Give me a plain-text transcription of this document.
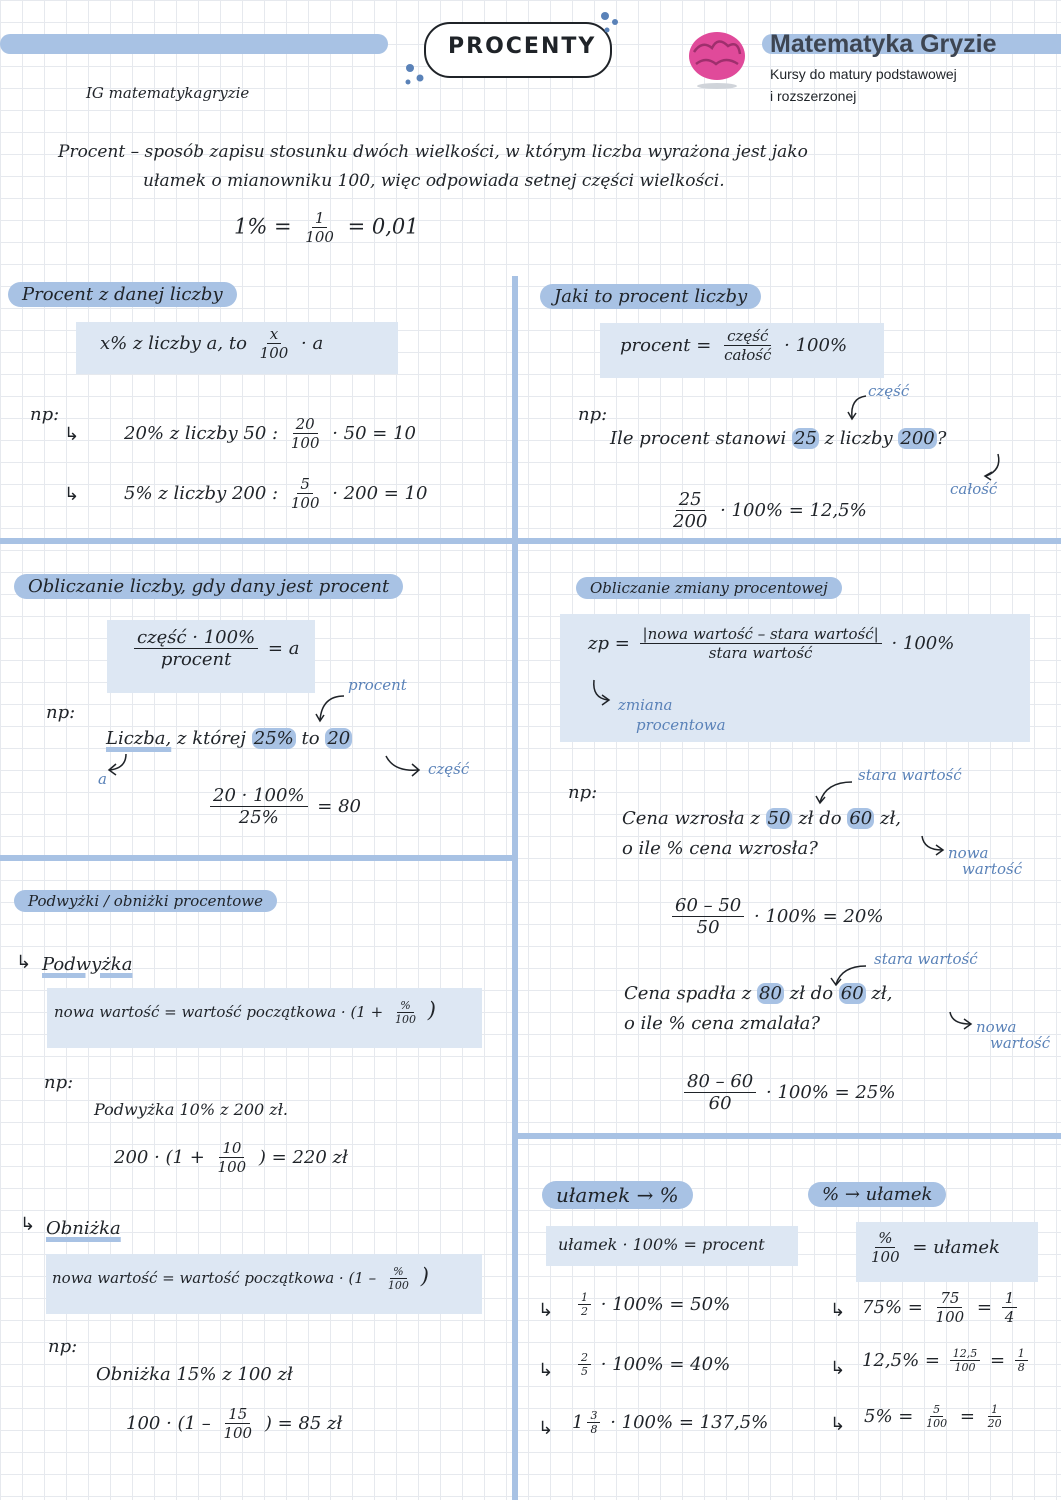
PROCENTY
IG matematykagryzie
Matematyka Gryzie
Kursy do matury podstawowej
i rozszerzonej
Procent – sposób zapisu stosunku dwóch wielkości, w którym liczba wyrażona jest jako
ułamek o mianowniku 100, więc odpowiada setnej części wielkości.
$1\% = \frac{1}{100} = 0,01$
Procent z danej liczby
x% z liczby a, to $\frac{x}{100} \cdot a$
np:
↳ 20% z liczby 50 : $\frac{20}{100} \cdot 50 = 10$
↳ 5% z liczby 200 : $\frac{5}{100} \cdot 200 = 10$
Jaki to procent liczby
procent = $\frac{\text{część}}{\text{całość}} \cdot 100\%$
część
np:
Ile procent stanowi 25 z liczby 200 ?
całość
$\frac{25}{200} \cdot 100\% = 12,5\%$
Obliczanie liczby, gdy dany jest procent
$\frac{\text{część · 100\%}}{\text{procent}} = a$
procent
np:
Liczba, z której 25% to 20
a
część
$\frac{20 \cdot 100\%}{25\%} = 80$
Obliczanie zmiany procentowej
zp = $\frac{\text{|nowa wartość – stara wartość|}}{\text{stara wartość}} \cdot 100\%$
zmiana
procentowa
stara wartość
np:
Cena wzrosła z 50 zł do 60 zł,
o ile % cena wzrosła?	nowa
wartość
$\frac{60 - 50}{50} \cdot 100\% = 20\%$
stara wartość
Cena spadła z 80 zł do 60 zł,
o ile % cena zmalała?	nowa
wartość
$\frac{80 - 60}{60} \cdot 100\% = 25\%$
Podwyżki / obniżki procentowe
↳ Podwyżka
nowa wartość = wartość początkowa · ($1 + \frac{\%}{100}$ )
np:
Podwyżka 10% z 200 zł.
$200 \cdot (1 + \frac{10}{100}$ ) = 220 zł
↳ Obniżka
nowa wartość = wartość początkowa · ($1 - \frac{\%}{100}$ )
np:
Obniżka 15% z 100 zł
$100 \cdot (1 - \frac{15}{100}$ ) = 85 zł
ułamek → %
ułamek · 100% = procent
↳ $\frac{1}{2} \cdot 100\% = 50\%$
↳ $\frac{2}{5} \cdot 100\% = 40\%$
↳ $1 \frac{3}{8} \cdot 100\% = 137,5\%$
% → ułamek
$\frac{\%}{100}$ = ułamek
↳ $75\% = \frac{75}{100} = \frac{1}{4}$
↳ $12,5\% = \frac{12,5}{100} = \frac{1}{8}$
↳ $5\% = \frac{5}{100} = \frac{1}{20}$
